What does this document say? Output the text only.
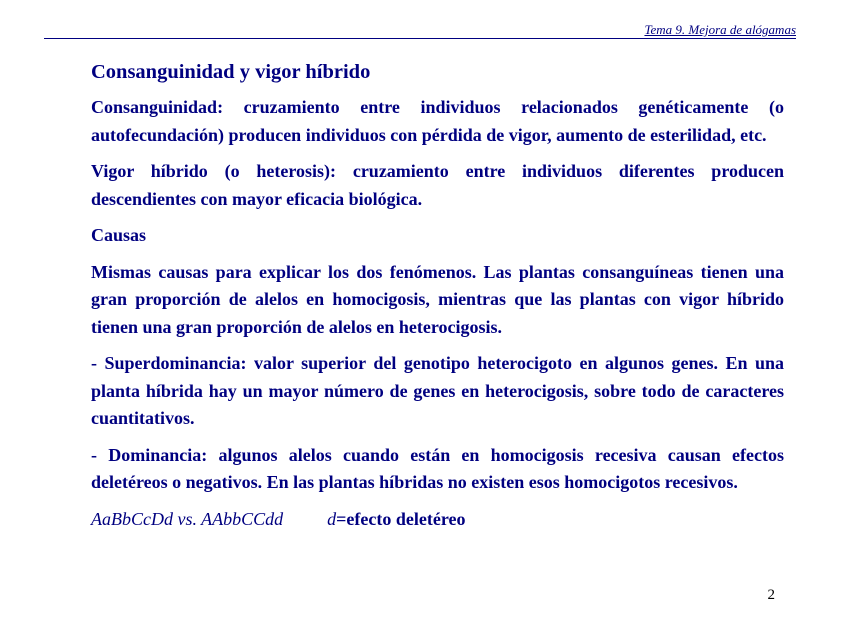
Tema 9. Mejora de alógamas
Consanguinidad y vigor híbrido
Consanguinidad: cruzamiento entre individuos relacionados genéticamente (o autofecundación) producen individuos con pérdida de vigor, aumento de esterilidad, etc.
Vigor híbrido (o heterosis): cruzamiento entre individuos diferentes producen descendientes con mayor eficacia biológica.
Causas
Mismas causas para explicar los dos fenómenos. Las plantas consanguíneas tienen una gran proporción de alelos en homocigosis, mientras que las plantas con vigor híbrido tienen una gran proporción de alelos en heterocigosis.
- Superdominancia: valor superior del genotipo heterocigoto en algunos genes. En una planta híbrida hay un mayor número de genes en heterocigosis, sobre todo de caracteres cuantitativos.
- Dominancia: algunos alelos cuando están en homocigosis recesiva causan efectos deletéreos o negativos. En las plantas híbridas no existen esos homocigotos recesivos.
AaBbCcDd vs. AAbbCCdd d=efecto deletéreo
2
